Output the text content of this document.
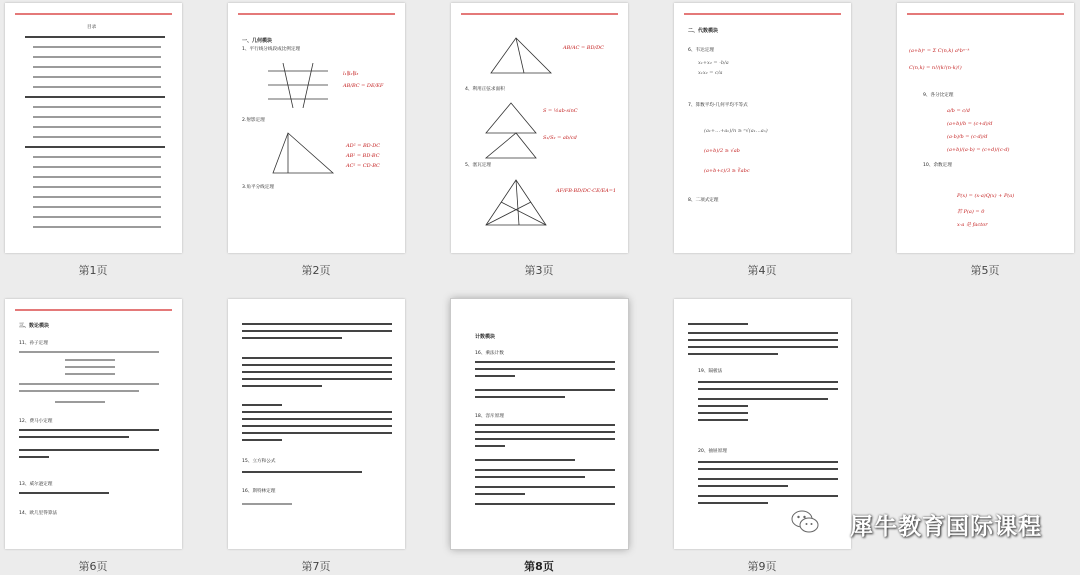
目录
第1页
一、几何模块
1、平行线分线段成比例定理
l₁∥l₂∥l₃
AB/BC = DE/EF
2.射影定理
AD² = BD·DC
AB² = BD·BC
AC² = CD·BC
3.角平分线定理
第2页
AB/AC = BD/DC
4、利用正弦求面积
S = ½ab·sinC
S₁/S₂ = ab/cd
5、塞瓦定理
AF/FB·BD/DC·CE/EA=1
第3页
二、代数模块
6、韦达定理
x₁+x₂ = -b/a
x₁x₂ = c/a
7、算数平均-几何平均不等式
(a₁+…+aₙ)/n ≥ ⁿ√(a₁…aₙ)
(a+b)/2 ≥ √ab
(a+b+c)/3 ≥ ∛abc
8、二项式定理
第4页
(a+b)ⁿ = Σ C(n,k) aᵏbⁿ⁻ᵏ
C(n,k) = n!/(k!(n-k)!)
9、各分比定理
a/b = c/d
(a+b)/b = (c+d)/d
(a-b)/b = (c-d)/d
(a+b)/(a-b) = (c+d)/(c-d)
10、余数定理
P(x) = (x-a)Q(x) + P(a)
若 P(a) = 0
x-a 是 factor
第5页
三、数论模块
11、孙子定理
12、费马小定理
13、威尔逊定理
14、欧几里得算法
第6页
15、立方和公式
16、斯特林定理
第7页
计数模块
16、乘法计数
18、容斥原理
第8页
19、隔板法
20、抽屉原理
第9页
犀牛教育国际课程
